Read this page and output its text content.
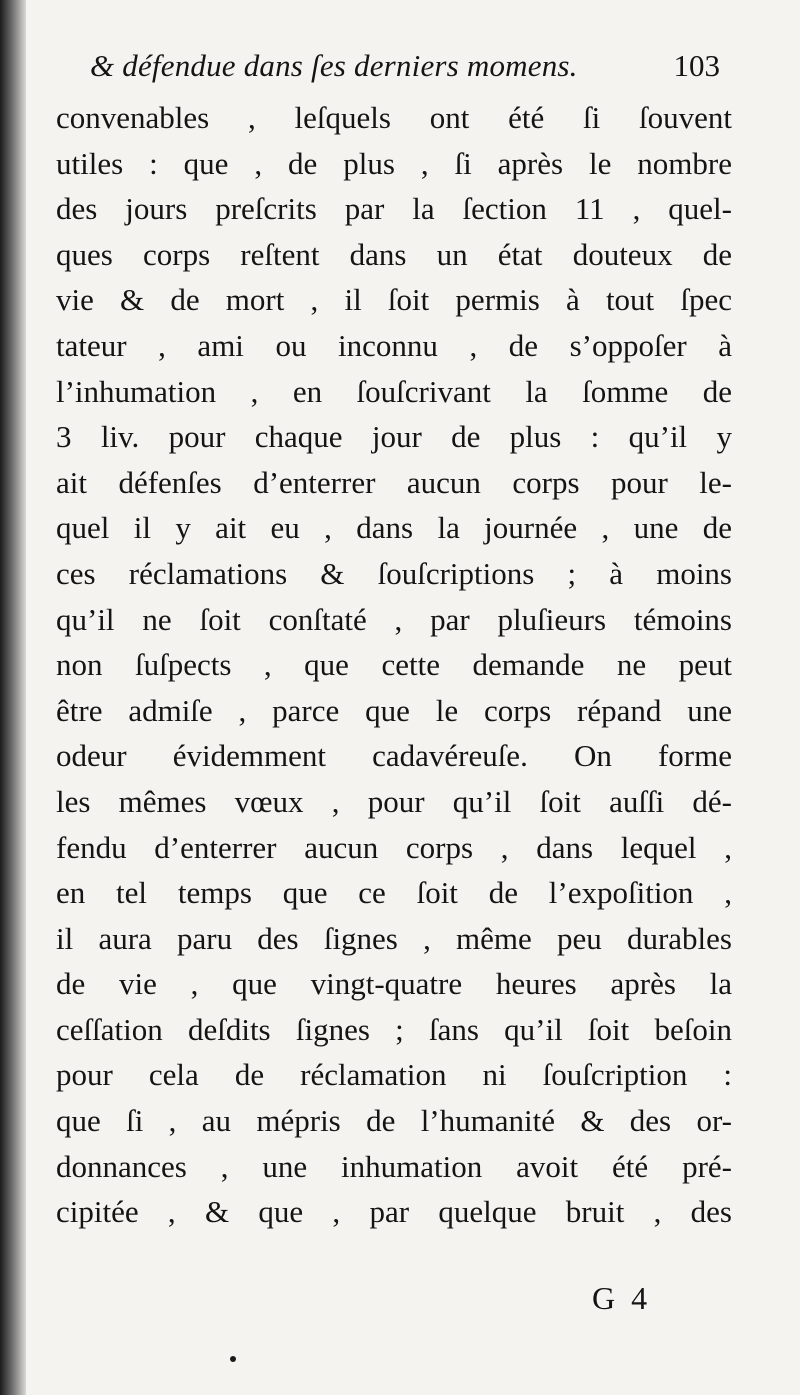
& défendue dans ſes derniers momens.	103
convenables , leſquels ont été ſi ſouvent
utiles : que , de plus , ſi après le nombre
des jours preſcrits par la ſection 11 , quel-
ques corps reſtent dans un état douteux de
vie & de mort , il ſoit permis à tout ſpec
tateur , ami ou inconnu , de s’oppoſer à
l’inhumation , en ſouſcrivant la ſomme de
3 liv. pour chaque jour de plus : qu’il y
ait défenſes d’enterrer aucun corps pour le-
quel il y ait eu , dans la journée , une de
ces réclamations & ſouſcriptions ; à moins
qu’il ne ſoit conſtaté , par pluſieurs témoins
non ſuſpects , que cette demande ne peut
être admiſe , parce que le corps répand une
odeur évidemment cadavéreuſe. On forme
les mêmes vœux , pour qu’il ſoit auſſi dé-
fendu d’enterrer aucun corps , dans lequel ,
en tel temps que ce ſoit de l’expoſition ,
il aura paru des ſignes , même peu durables
de vie , que vingt-quatre heures après la
ceſſation deſdits ſignes ; ſans qu’il ſoit beſoin
pour cela de réclamation ni ſouſcription :
que ſi , au mépris de l’humanité & des or-
donnances , une inhumation avoit été pré-
cipitée , & que , par quelque bruit , des
G 4
